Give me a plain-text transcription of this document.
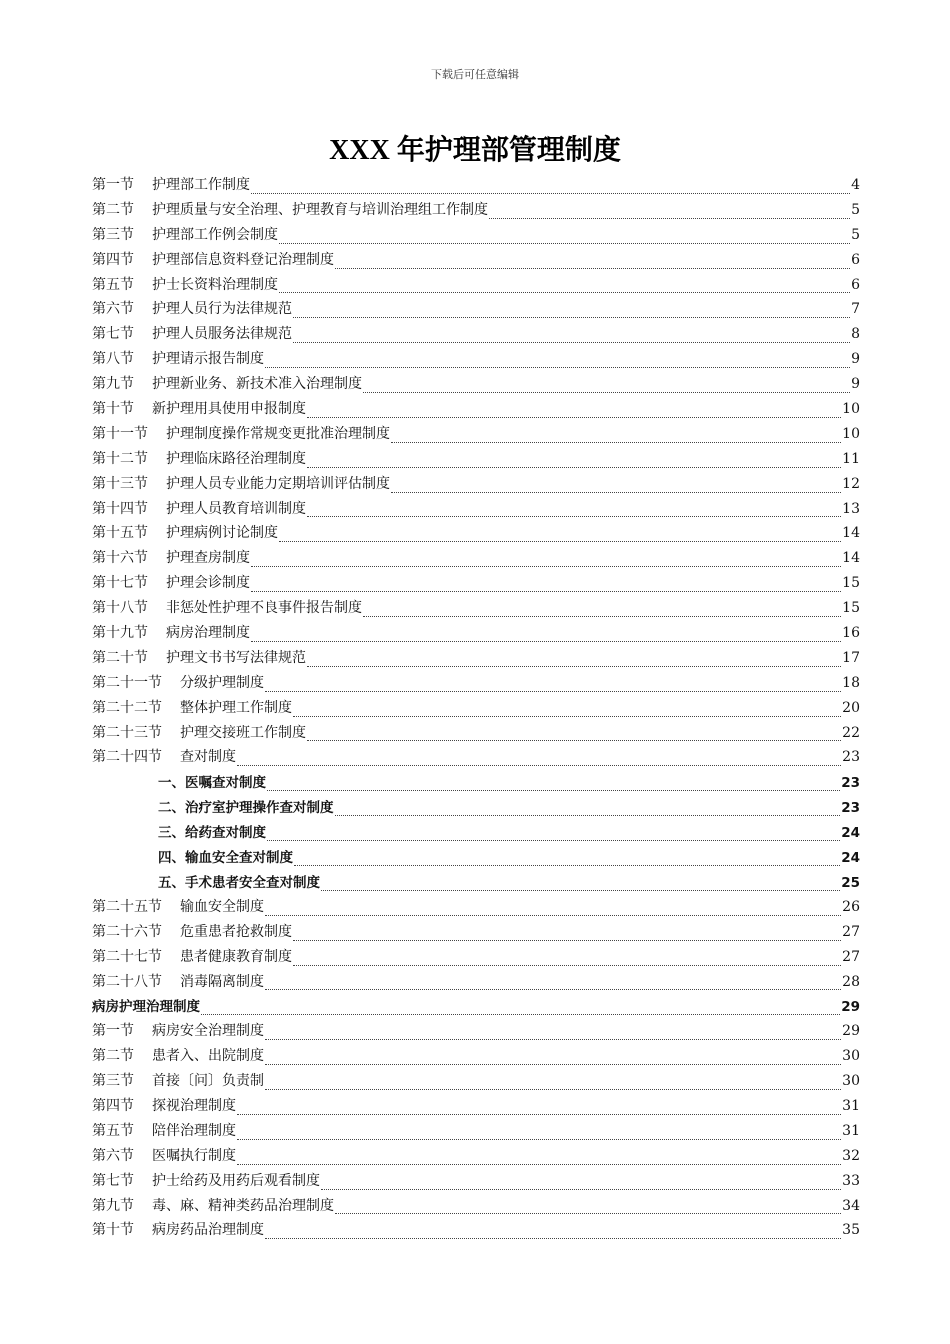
下载后可任意编辑
XXX 年护理部管理制度
第一节 护理部工作制度	4
第二节 护理质量与安全治理、护理教育与培训治理组工作制度	5
第三节 护理部工作例会制度	5
第四节 护理部信息资料登记治理制度	6
第五节 护士长资料治理制度	6
第六节 护理人员行为法律规范	7
第七节 护理人员服务法律规范	8
第八节 护理请示报告制度	9
第九节 护理新业务、新技术准入治理制度	9
第十节 新护理用具使用申报制度	10
第十一节 护理制度操作常规变更批准治理制度	10
第十二节 护理临床路径治理制度	11
第十三节 护理人员专业能力定期培训评估制度	12
第十四节 护理人员教育培训制度	13
第十五节 护理病例讨论制度	14
第十六节 护理查房制度	14
第十七节 护理会诊制度	15
第十八节 非惩处性护理不良事件报告制度	15
第十九节 病房治理制度	16
第二十节 护理文书书写法律规范	17
第二十一节 分级护理制度	18
第二十二节 整体护理工作制度	20
第二十三节 护理交接班工作制度	22
第二十四节 查对制度	23
一、 医嘱查对制度	23
二、 治疗室护理操作查对制度	23
三、 给药查对制度	24
四、 输血安全查对制度	24
五、 手术患者安全查对制度	25
第二十五节 输血安全制度	26
第二十六节 危重患者抢救制度	27
第二十七节 患者健康教育制度	27
第二十八节 消毒隔离制度	28
病房护理治理制度	29
第一节 病房安全治理制度	29
第二节 患者入、出院制度	30
第三节 首接〔问〕负责制	30
第四节 探视治理制度	31
第五节 陪伴治理制度	31
第六节 医嘱执行制度	32
第七节 护士给药及用药后观看制度	33
第九节 毒、麻、精神类药品治理制度	34
第十节 病房药品治理制度	35
